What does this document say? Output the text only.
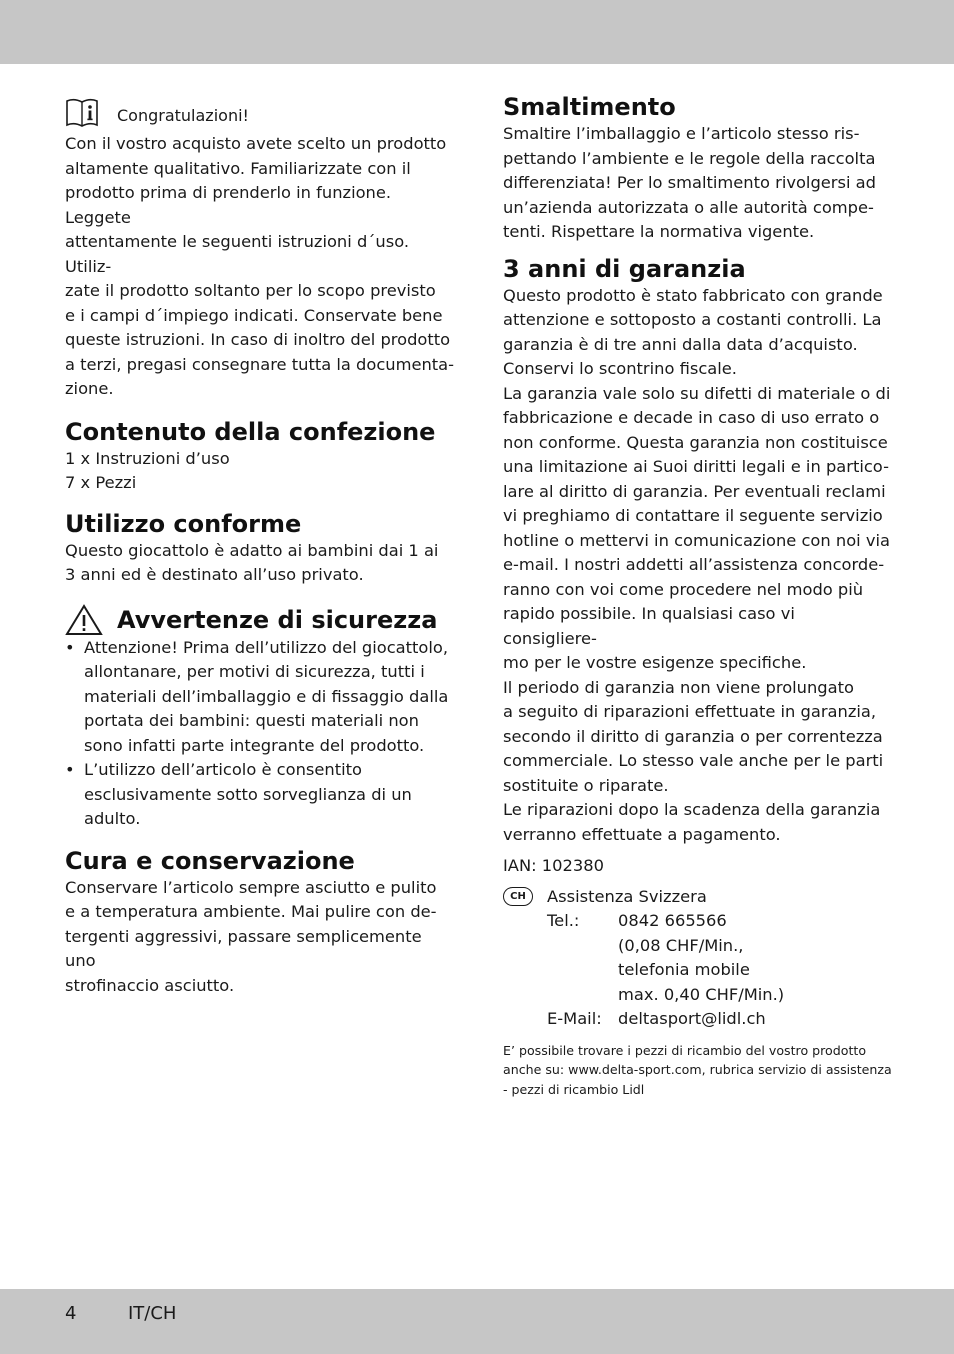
Congratulazioni!

Con il vostro acquisto avete scelto un prodotto

altamente qualitativo. Familiarizzate con il

prodotto prima di prenderlo in funzione. Leggete

attentamente le seguenti istruzioni d´uso. Utiliz-

zate il prodotto soltanto per lo scopo previsto

e i campi d´impiego indicati. Conservate bene

queste istruzioni. In caso di inoltro del prodotto

a terzi, pregasi consegnare tutta la documenta-

zione.

Contenuto della confezione

1 x Instruzioni d’uso

7 x Pezzi

Utilizzo conforme

Questo giocattolo è adatto ai bambini dai 1 ai

3 anni ed è destinato all’uso privato.

Avvertenze di sicurezza
• Attenzione! Prima dell’utilizzo del giocattolo,
allontanare, per motivi di sicurezza, tutti i
materiali dell’imballaggio e di fissaggio dalla
portata dei bambini: questi materiali non
sono infatti parte integrante del prodotto.
• L’utilizzo dell’articolo è consentito
esclusivamente sotto sorveglianza di un
adulto.
Cura e conservazione

Conservare l’articolo sempre asciutto e pulito

e a temperatura ambiente. Mai pulire con de-

tergenti aggressivi, passare semplicemente uno

strofinaccio asciutto.

Smaltimento

Smaltire l’imballaggio e l’articolo stesso ris-

pettando l’ambiente e le regole della raccolta

differenziata! Per lo smaltimento rivolgersi ad

un’azienda autorizzata o alle autorità compe-

tenti. Rispettare la normativa vigente.

3 anni di garanzia

Questo prodotto è stato fabbricato con grande

attenzione e sottoposto a costanti controlli. La

garanzia è di tre anni dalla data d’acquisto.

Conservi lo scontrino fiscale.

La garanzia vale solo su difetti di materiale o di

fabbricazione e decade in caso di uso errato o

non conforme. Questa garanzia non costituisce

una limitazione ai Suoi diritti legali e in partico-

lare al diritto di garanzia. Per eventuali reclami

vi preghiamo di contattare il seguente servizio

hotline o mettervi in comunicazione con noi via

e-mail. I nostri addetti all’assistenza concorde-

ranno con voi come procedere nel modo più

rapido possibile. In qualsiasi caso vi consigliere-

mo per le vostre esigenze specifiche.

Il periodo di garanzia non viene prolungato

a seguito di riparazioni effettuate in garanzia,

secondo il diritto di garanzia o per correntezza

commerciale. Lo stesso vale anche per le parti

sostituite o riparate.

Le riparazioni dopo la scadenza della garanzia

verranno effettuate a pagamento.

IAN: 102380

CH	Assistenza Svizzera
Tel.:	0842 665566
(0,08 CHF/Min.,
telefonia mobile
max. 0,40 CHF/Min.)
E-Mail: deltasport@lidl.ch
E’ possibile trovare i pezzi di ricambio del vostro prodotto
anche su: www.delta-sport.com, rubrica servizio di assistenza
- pezzi di ricambio Lidl
4	IT/CH
